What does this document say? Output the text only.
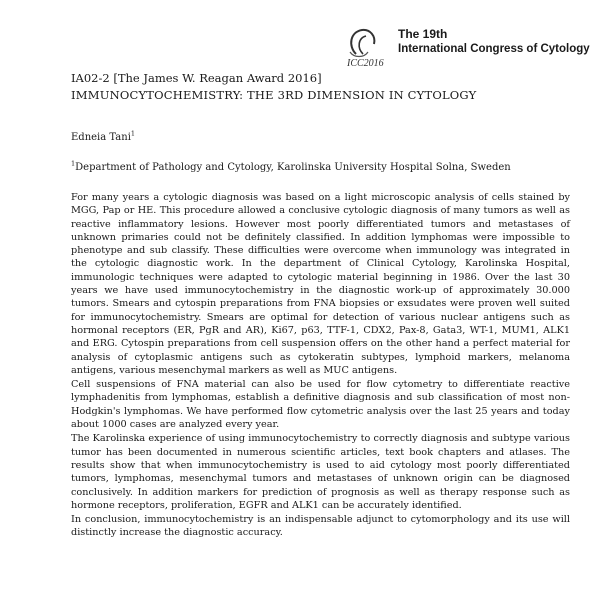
ICC2016
The 19th
International Congress of Cytology
IA02-2 [The James W. Reagan Award 2016]
IMMUNOCYTOCHEMISTRY: THE 3RD DIMENSION IN CYTOLOGY
Edneia Tani$^1$
$^1$Department of Pathology and Cytology, Karolinska University Hospital Solna, Sweden

For many years a cytologic diagnosis was based on a light microscopic analysis of cells stained by MGG, Pap or HE. This procedure allowed a conclusive cytologic diagnosis of many tumors as well as reactive inflammatory lesions. However most poorly differentiated tumors and metastases of unknown primaries could not be definitely classified. In addition lymphomas were impossible to phenotype and sub classify. These difficulties were overcome when immunology was integrated in the cytologic diagnostic work. In the department of Clinical Cytology, Karolinska Hospital, immunologic techniques were adapted to cytologic material beginning in 1986. Over the last 30 years we have used immunocytochemistry in the diagnostic work-up of approximately 30.000 tumors. Smears and cytospin preparations from FNA biopsies or exsudates were proven well suited for immunocytochemistry. Smears are optimal for detection of various nuclear antigens such as hormonal receptors (ER, PgR and AR), Ki67, p63, TTF-1, CDX2, Pax-8, Gata3, WT-1, MUM1, ALK1 and ERG. Cytospin preparations from cell suspension offers on the other hand a perfect material for analysis of cytoplasmic antigens such as cytokeratin subtypes, lymphoid markers, melanoma antigens, various mesenchymal markers as well as MUC antigens.

Cell suspensions of FNA material can also be used for flow cytometry to differentiate reactive lymphadenitis from lymphomas, establish a definitive diagnosis and sub classification of most non-Hodgkin's lymphomas. We have performed flow cytometric analysis over the last 25 years and today about 1000 cases are analyzed every year.

The Karolinska experience of using immunocytochemistry to correctly diagnosis and subtype various tumor has been documented in numerous scientific articles, text book chapters and atlases. The results show that when immunocytochemistry is used to aid cytology most poorly differentiated tumors, lymphomas, mesenchymal tumors and metastases of unknown origin can be diagnosed conclusively. In addition markers for prediction of prognosis as well as therapy response such as hormone receptors, proliferation, EGFR and ALK1 can be accurately identified.

In conclusion, immunocytochemistry is an indispensable adjunct to cytomorphology and its use will distinctly increase the diagnostic accuracy.
